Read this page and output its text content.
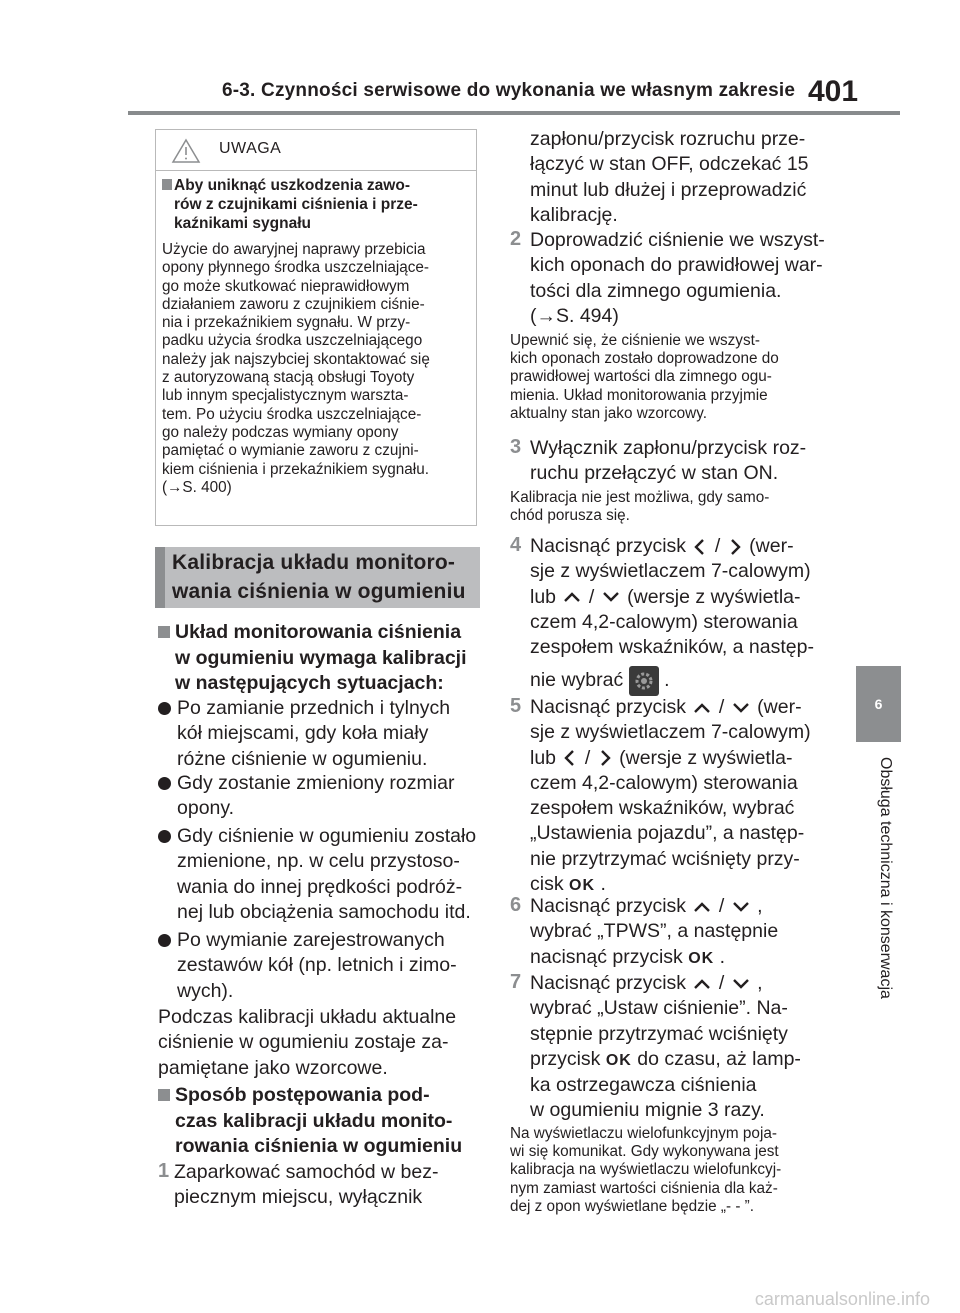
6-3. Czynności serwisowe do wykonania we własnym zakresie 401
6
Obsługa techniczna i konserwacja
UWAGA
Aby uniknąć uszkodzenia zawo-
rów z czujnikami ciśnienia i prze-
kaźnikami sygnału
Użycie do awaryjnej naprawy przebicia
opony płynnego środka uszczelniające-
go może skutkować nieprawidłowym
działaniem zaworu z czujnikiem ciśnie-
nia i przekaźnikiem sygnału. W przy-
padku użycia środka uszczelniającego
należy jak najszybciej skontaktować się
z autoryzowaną stacją obsługi Toyoty
lub innym specjalistycznym warszta-
tem. Po użyciu środka uszczelniające-
go należy podczas wymiany opony
pamiętać o wymianie zaworu z czujni-
kiem ciśnienia i przekaźnikiem sygnału.
(→S. 400)
Kalibracja układu monitoro-
wania ciśnienia w ogumieniu
Układ monitorowania ciśnienia
w ogumieniu wymaga kalibracji
w następujących sytuacjach:
Po zamianie przednich i tylnych
kół miejscami, gdy koła miały
różne ciśnienie w ogumieniu.
Gdy zostanie zmieniony rozmiar
opony.
Gdy ciśnienie w ogumieniu zostało
zmienione, np. w celu przystoso-
wania do innej prędkości podróż-
nej lub obciążenia samochodu itd.
Po wymianie zarejestrowanych
zestawów kół (np. letnich i zimo-
wych).
Podczas kalibracji układu aktualne
ciśnienie w ogumieniu zostaje za-
pamiętane jako wzorcowe.
Sposób postępowania pod-
czas kalibracji układu monito-
rowania ciśnienia w ogumieniu
1 Zaparkować samochód w bez-
piecznym miejscu, wyłącznik
zapłonu/przycisk rozruchu prze-
łączyć w stan OFF, odczekać 15
minut lub dłużej i przeprowadzić
kalibrację.
2 Doprowadzić ciśnienie we wszyst-
kich oponach do prawidłowej war-
tości dla zimnego ogumienia.
(→S. 494)
Upewnić się, że ciśnienie we wszyst-
kich oponach zostało doprowadzone do
prawidłowej wartości dla zimnego ogu-
mienia. Układ monitorowania przyjmie
aktualny stan jako wzorcowy.
3 Wyłącznik zapłonu/przycisk roz-
ruchu przełączyć w stan ON.
Kalibracja nie jest możliwa, gdy samo-
chód porusza się.
4 Nacisnąć przycisk / (wer-
sje z wyświetlaczem 7-calowym)
lub / (wersje z wyświetla-
czem 4,2-calowym) sterowania
zespołem wskaźników, a następ-
nie wybrać .
5 Nacisnąć przycisk / (wer-
sje z wyświetlaczem 7-calowym)
lub / (wersje z wyświetla-
czem 4,2-calowym) sterowania
zespołem wskaźników, wybrać
„Ustawienia pojazdu”, a następ-
nie przytrzymać wciśnięty przy-
cisk OK .
6 Nacisnąć przycisk / ,
wybrać „TPWS”, a następnie
nacisnąć przycisk OK .
7 Nacisnąć przycisk / ,
wybrać „Ustaw ciśnienie”. Na-
stępnie przytrzymać wciśnięty
przycisk OK do czasu, aż lamp-
ka ostrzegawcza ciśnienia
w ogumieniu mignie 3 razy.
Na wyświetlaczu wielofunkcyjnym poja-
wi się komunikat. Gdy wykonywana jest
kalibracja na wyświetlaczu wielofunkcyj-
nym zamiast wartości ciśnienia dla każ-
dej z opon wyświetlane będzie „- - ”.
carmanualsonline.info
